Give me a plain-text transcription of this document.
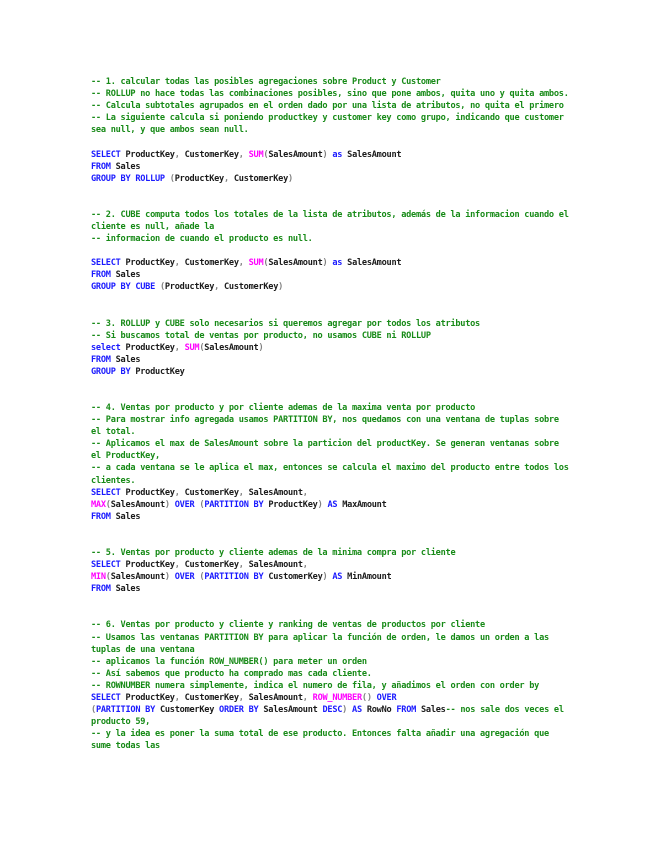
-- 1. calcular todas las posibles agregaciones sobre Product y Customer
-- ROLLUP no hace todas las combinaciones posibles, sino que pone ambos, quita uno y quita ambos.
-- Calcula subtotales agrupados en el orden dado por una lista de atributos, no quita el primero
-- La siguiente calcula si poniendo productkey y customer key como grupo, indicando que customer sea null, y que ambos sean null.
SELECT ProductKey, CustomerKey, SUM(SalesAmount) as SalesAmount
FROM Sales
GROUP BY ROLLUP (ProductKey, CustomerKey)
-- 2. CUBE computa todos los totales de la lista de atributos, además de la informacion cuando el cliente es null, añade la
-- informacion de cuando el producto es null.
SELECT ProductKey, CustomerKey, SUM(SalesAmount) as SalesAmount
FROM Sales
GROUP BY CUBE (ProductKey, CustomerKey)
-- 3. ROLLUP y CUBE solo necesarios si queremos agregar por todos los atributos
-- Si buscamos total de ventas por producto, no usamos CUBE ni ROLLUP
select ProductKey, SUM(SalesAmount)
FROM Sales
GROUP BY ProductKey
-- 4. Ventas por producto y por cliente ademas de la maxima venta por producto
-- Para mostrar info agregada usamos PARTITION BY, nos quedamos con una ventana de tuplas sobre el total.
-- Aplicamos el max de SalesAmount sobre la particion del productKey. Se generan ventanas sobre el ProductKey,
-- a cada ventana se le aplica el max, entonces se calcula el maximo del producto entre todos los clientes.
SELECT ProductKey, CustomerKey, SalesAmount,
MAX(SalesAmount) OVER (PARTITION BY ProductKey) AS MaxAmount
FROM Sales
-- 5. Ventas por producto y cliente ademas de la minima compra por cliente
SELECT ProductKey, CustomerKey, SalesAmount,
MIN(SalesAmount) OVER (PARTITION BY CustomerKey) AS MinAmount
FROM Sales
-- 6. Ventas por producto y cliente y ranking de ventas de productos por cliente
-- Usamos las ventanas PARTITION BY para aplicar la función de orden, le damos un orden a las tuplas de una ventana
-- aplicamos la función ROW_NUMBER() para meter un orden
-- Así sabemos que producto ha comprado mas cada cliente.
-- ROWNUMBER numera simplemente, indica el numero de fila, y añadimos el orden con order by
SELECT ProductKey, CustomerKey, SalesAmount, ROW_NUMBER() OVER
(PARTITION BY CustomerKey ORDER BY SalesAmount DESC) AS RowNo FROM Sales-- nos sale dos veces el producto 59,
-- y la idea es poner la suma total de ese producto. Entonces falta añadir una agregación que sume todas las
